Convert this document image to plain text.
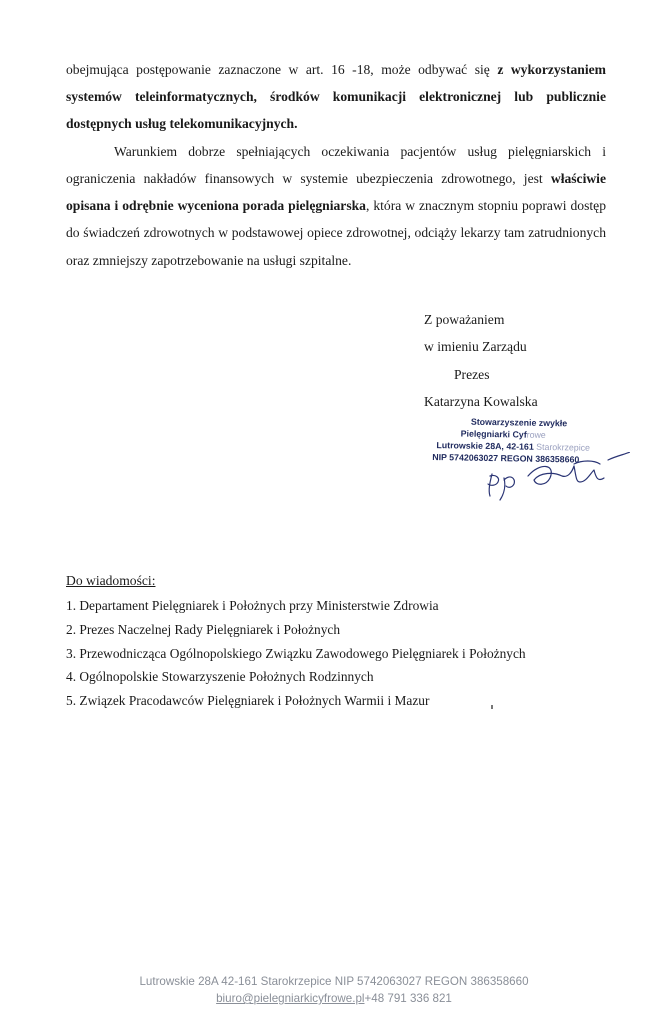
obejmująca postępowanie zaznaczone w art. 16 -18, może odbywać się z wykorzystaniem systemów teleinformatycznych, środków komunikacji elektronicznej lub publicznie dostępnych usług telekomunikacyjnych.

Warunkiem dobrze spełniających oczekiwania pacjentów usług pielęgniarskich i ograniczenia nakładów finansowych w systemie ubezpieczenia zdrowotnego, jest właściwie opisana i odrębnie wyceniona porada pielęgniarska, która w znacznym stopniu poprawi dostęp do świadczeń zdrowotnych w podstawowej opiece zdrowotnej, odciąży lekarzy tam zatrudnionych oraz zmniejszy zapotrzebowanie na usługi szpitalne.

Z poważaniem
w imieniu Zarządu
Prezes
Katarzyna Kowalska
Stowarzyszenie zwykłe
Pielęgniarki Cyfrowe
Lutrowskie 28A, 42-161 Starokrzepice
NIP 5742063027 REGON 386358660
Do wiadomości:
1. Departament Pielęgniarek i Położnych przy Ministerstwie Zdrowia
2. Prezes Naczelnej Rady Pielęgniarek i Położnych
3. Przewodnicząca Ogólnopolskiego Związku Zawodowego Pielęgniarek i Położnych
4. Ogólnopolskie Stowarzyszenie Położnych Rodzinnych
5. Związek Pracodawców Pielęgniarek i Położnych Warmii i Mazur
Lutrowskie 28A 42-161 Starokrzepice NIP 5742063027 REGON 386358660
biuro@pielegniarkicyfrowe.pl+48 791 336 821
